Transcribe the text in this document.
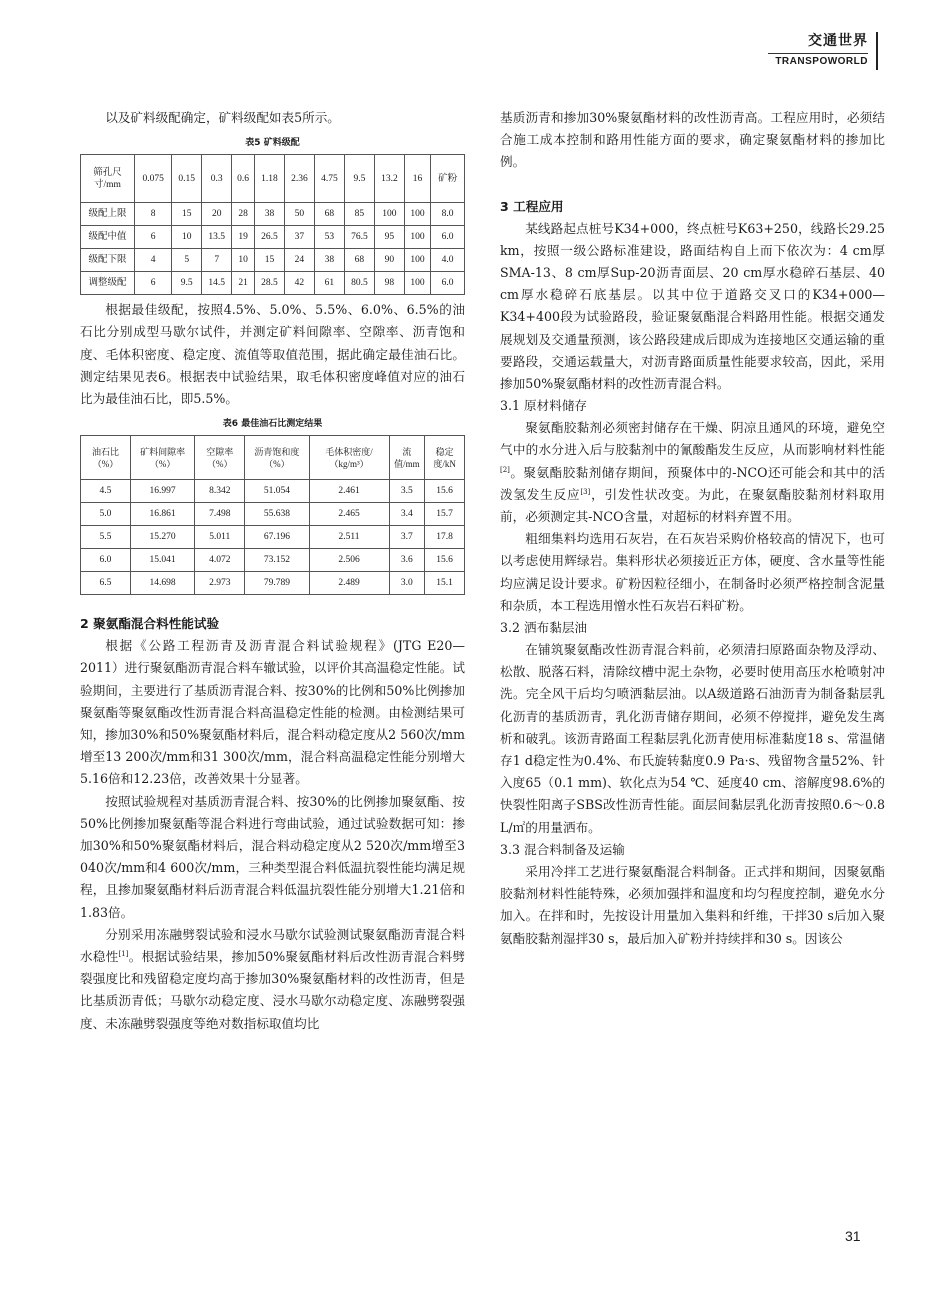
交通世界
TRANSPOWORLD

以及矿料级配确定，矿料级配如表5所示。

表5 矿料级配
筛孔尺寸/mm	0.075	0.15	0.3	0.6	1.18	2.36	4.75	9.5	13.2	16	矿粉
级配上限	8	15	20	28	38	50	68	85	100	100	8.0
级配中值	6	10	13.5	19	26.5	37	53	76.5	95	100	6.0
级配下限	4	5	7	10	15	24	38	68	90	100	4.0
调整级配	6	9.5	14.5	21	28.5	42	61	80.5	98	100	6.0

根据最佳级配，按照4.5%、5.0%、5.5%、6.0%、6.5%的油石比分别成型马歇尔试件，并测定矿料间隙率、空隙率、沥青饱和度、毛体积密度、稳定度、流值等取值范围，据此确定最佳油石比。测定结果见表6。根据表中试验结果，取毛体积密度峰值对应的油石比为最佳油石比，即5.5%。

表6 最佳油石比测定结果
油石比（%）	矿料间隙率（%）	空隙率（%）	沥青饱和度（%）	毛体积密度/（kg/m³）	流值/mm	稳定度/kN
4.5	16.997	8.342	51.054	2.461	3.5	15.6
5.0	16.861	7.498	55.638	2.465	3.4	15.7
5.5	15.270	5.011	67.196	2.511	3.7	17.8
6.0	15.041	4.072	73.152	2.506	3.6	15.6
6.5	14.698	2.973	79.789	2.489	3.0	15.1
2 聚氨酯混合料性能试验

根据《公路工程沥青及沥青混合料试验规程》(JTG E20—2011）进行聚氨酯沥青混合料车辙试验，以评价其高温稳定性能。试验期间，主要进行了基质沥青混合料、按30%的比例和50%比例掺加聚氨酯等聚氨酯改性沥青混合料高温稳定性能的检测。由检测结果可知，掺加30%和50%聚氨酯材料后，混合料动稳定度从2 560次/mm增至13 200次/mm和31 300次/mm，混合料高温稳定性能分别增大5.16倍和12.23倍，改善效果十分显著。

按照试验规程对基质沥青混合料、按30%的比例掺加聚氨酯、按50%比例掺加聚氨酯等混合料进行弯曲试验，通过试验数据可知：掺加30%和50%聚氨酯材料后，混合料动稳定度从2 520次/mm增至3 040次/mm和4 600次/mm，三种类型混合料低温抗裂性能均满足规程，且掺加聚氨酯材料后沥青混合料低温抗裂性能分别增大1.21倍和1.83倍。

分别采用冻融劈裂试验和浸水马歇尔试验测试聚氨酯沥青混合料水稳性[1]。根据试验结果，掺加50%聚氨酯材料后改性沥青混合料劈裂强度比和残留稳定度均高于掺加30%聚氨酯材料的改性沥青，但是比基质沥青低；马歇尔动稳定度、浸水马歇尔动稳定度、冻融劈裂强度、未冻融劈裂强度等绝对数指标取值均比

基质沥青和掺加30%聚氨酯材料的改性沥青高。工程应用时，必须结合施工成本控制和路用性能方面的要求，确定聚氨酯材料的掺加比例。

3 工程应用

某线路起点桩号K34+000，终点桩号K63+250，线路长29.25 km，按照一级公路标准建设，路面结构自上而下依次为：4 cm厚SMA-13、8 cm厚Sup-20沥青面层、20 cm厚水稳碎石基层、40 cm厚水稳碎石底基层。以其中位于道路交叉口的K34+000—K34+400段为试验路段，验证聚氨酯混合料路用性能。根据交通发展规划及交通量预测，该公路段建成后即成为连接地区交通运输的重要路段，交通运载量大，对沥青路面质量性能要求较高，因此，采用掺加50%聚氨酯材料的改性沥青混合料。

3.1 原材料储存

聚氨酯胶黏剂必须密封储存在干燥、阴凉且通风的环境，避免空气中的水分进入后与胶黏剂中的氰酸酯发生反应，从而影响材料性能[2]。聚氨酯胶黏剂储存期间，预聚体中的-NCO还可能会和其中的活泼氢发生反应[3]，引发性状改变。为此，在聚氨酯胶黏剂材料取用前，必须测定其-NCO含量，对超标的材料弃置不用。

粗细集料均选用石灰岩，在石灰岩采购价格较高的情况下，也可以考虑使用辉绿岩。集料形状必须接近正方体，硬度、含水量等性能均应满足设计要求。矿粉因粒径细小，在制备时必须严格控制含泥量和杂质，本工程选用憎水性石灰岩石料矿粉。

3.2 洒布黏层油

在铺筑聚氨酯改性沥青混合料前，必须清扫原路面杂物及浮动、松散、脱落石料，清除纹槽中泥土杂物，必要时使用高压水枪喷射冲洗。完全风干后均匀喷洒黏层油。以A级道路石油沥青为制备黏层乳化沥青的基质沥青，乳化沥青储存期间，必须不停搅拌，避免发生离析和破乳。该沥青路面工程黏层乳化沥青使用标准黏度18 s、常温储存1 d稳定性为0.4%、布氏旋转黏度0.9 Pa·s、残留物含量52%、针入度65（0.1 mm)、软化点为54 ℃、延度40 cm、溶解度98.6%的快裂性阳离子SBS改性沥青性能。面层间黏层乳化沥青按照0.6～0.8 L/㎡的用量洒布。

3.3 混合料制备及运输

采用冷拌工艺进行聚氨酯混合料制备。正式拌和期间，因聚氨酯胶黏剂材料性能特殊，必须加强拌和温度和均匀程度控制，避免水分加入。在拌和时，先按设计用量加入集料和纤维，干拌30 s后加入聚氨酯胶黏剂湿拌30 s，最后加入矿粉并持续拌和30 s。因该公

31
